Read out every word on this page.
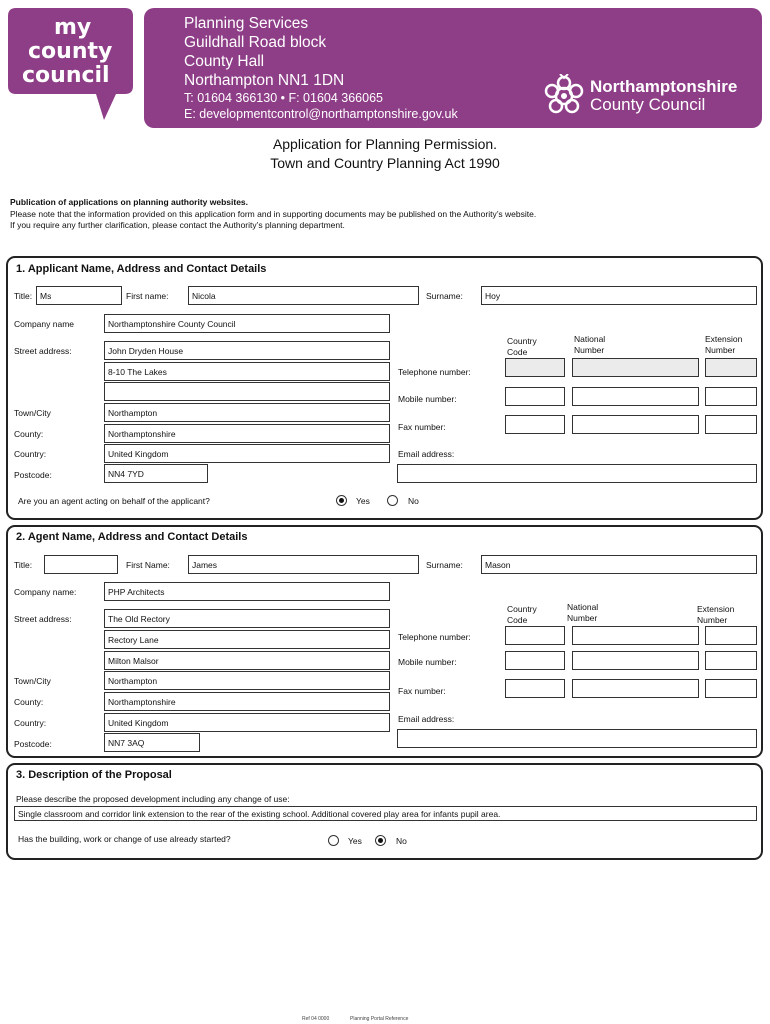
my
county
council
Planning Services
Guildhall Road block
County Hall
Northampton NN1 1DN
T: 01604 366130 • F: 01604 366065
E: developmentcontrol@northamptonshire.gov.uk
Northamptonshire
County Council
Application for Planning Permission.
Town and Country Planning Act 1990
Publication of applications on planning authority websites.
Please note that the information provided on this application form and in supporting documents may be published on the Authority’s website.
If you require any further clarification, please contact the Authority’s planning department.
1. Applicant Name, Address and Contact Details
Title: Ms	First name:	Nicola	Surname:	Hoy
Company name	Northamptonshire County Council
Street address:	John Dryden House
8-10 The Lakes
Town/City	Northampton
County:	Northamptonshire
Country:	United Kingdom
Postcode:	NN4 7YD
Country
Code
National
Number
Extension
Number
Telephone number:
Mobile number:
Fax number:
Email address:
Are you an agent acting on behalf of the applicant?	Yes	No
2. Agent Name, Address and Contact Details
Title:	First Name:	James	Surname:	Mason
Company name:	PHP Architects
Street address:	The Old Rectory
Rectory Lane
Milton Malsor
Town/City	Northampton
County:	Northamptonshire
Country:	United Kingdom
Postcode:	NN7 3AQ
Country
Code
National
Number
Extension
Number
Telephone number:
Mobile number:
Fax number:
Email address:
3. Description of the Proposal
Please describe the proposed development including any change of use:
Single classroom and corridor link extension to the rear of the existing school. Additional covered play area for infants pupil area.
Has the building, work or change of use already started?	Yes	No
Ref 04 0000	Planning Portal Reference
